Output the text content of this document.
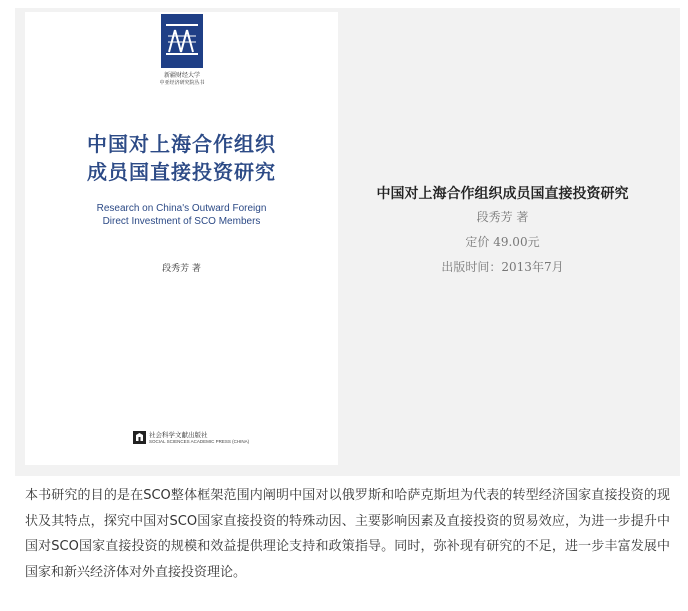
新疆财经大学
中亚经济研究院丛书
中国对上海合作组织
成员国直接投资研究
Research on China's Outward Foreign
Direct Investment of SCO Members
段秀芳 著
社会科学文献出版社
SOCIAL SCIENCES ACADEMIC PRESS (CHINA)
中国对上海合作组织成员国直接投资研究
段秀芳 著
定价 49.00元
出版时间：2013年7月
本书研究的目的是在SCO整体框架范围内阐明中国对以俄罗斯和哈萨克斯坦为代表的转型经济国家直接投资的现状及其特点，探究中国对SCO国家直接投资的特殊动因、主要影响因素及直接投资的贸易效应，为进一步提升中国对SCO国家直接投资的规模和效益提供理论支持和政策指导。同时，弥补现有研究的不足，进一步丰富发展中国家和新兴经济体对外直接投资理论。
